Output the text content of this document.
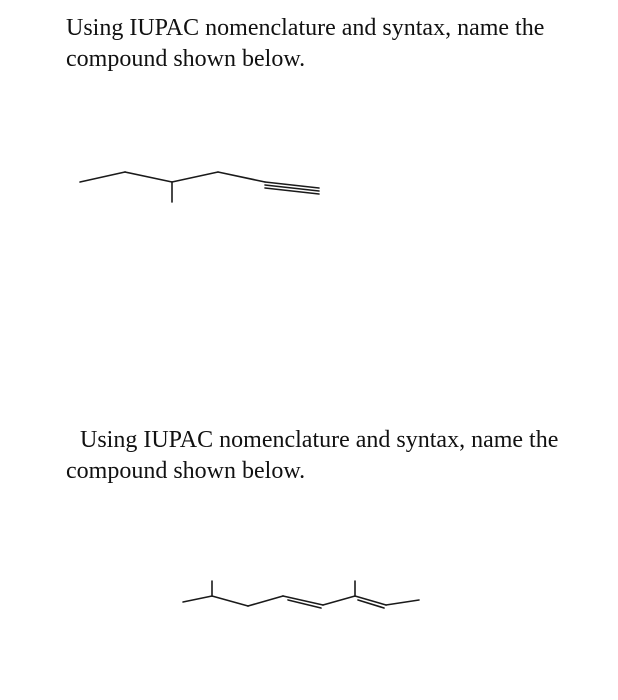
Using IUPAC nomenclature and syntax, name the
compound shown below.

Using IUPAC nomenclature and syntax, name the
compound shown below.
